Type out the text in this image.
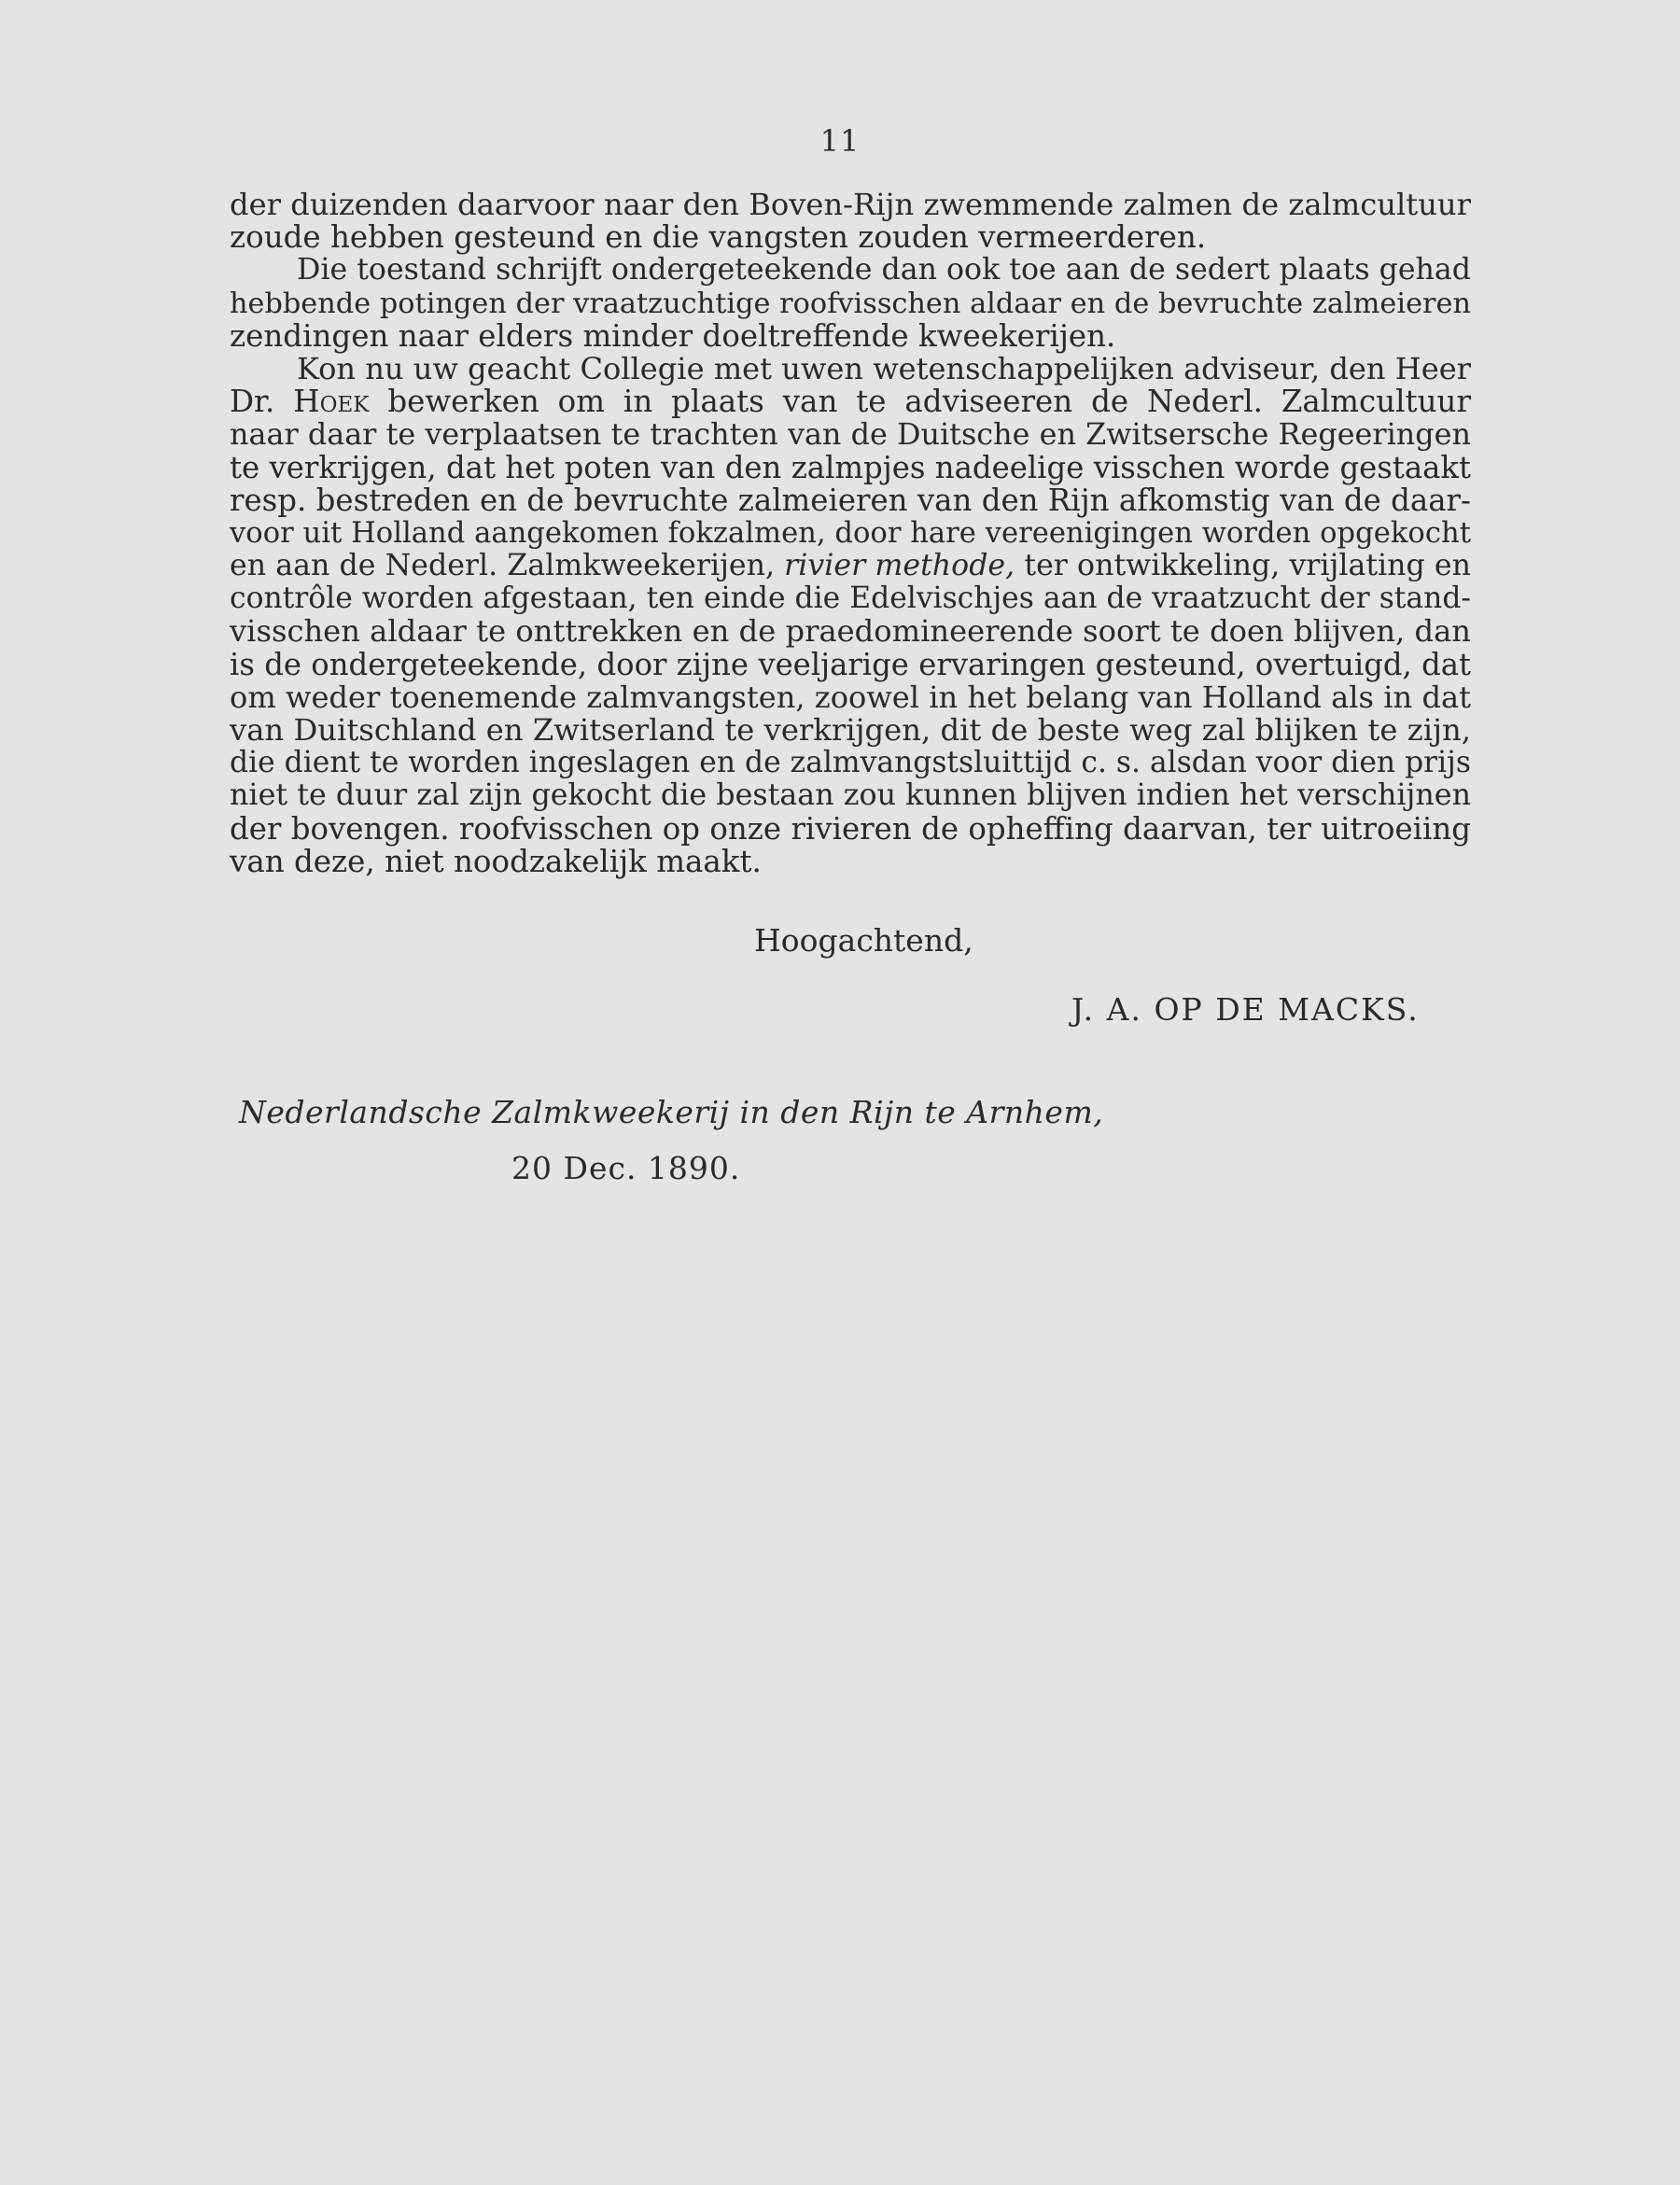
11
der duizenden daarvoor naar den Boven-Rijn zwemmende zalmen de zalmcultuur
zoude hebben gesteund en die vangsten zouden vermeerderen.
Die toestand schrijft ondergeteekende dan ook toe aan de sedert plaats gehad
hebbende potingen der vraatzuchtige roofvisschen aldaar en de bevruchte zalmeieren
zendingen naar elders minder doeltreffende kweekerijen.
Kon nu uw geacht Collegie met uwen wetenschappelijken adviseur, den Heer
Dr. Hoek bewerken om in plaats van te adviseeren de Nederl. Zalmcultuur
naar daar te verplaatsen te trachten van de Duitsche en Zwitsersche Regeeringen
te verkrijgen, dat het poten van den zalmpjes nadeelige visschen worde gestaakt
resp. bestreden en de bevruchte zalmeieren van den Rijn afkomstig van de daar-
voor uit Holland aangekomen fokzalmen, door hare vereenigingen worden opgekocht
en aan de Nederl. Zalmkweekerijen, rivier methode, ter ontwikkeling, vrijlating en
contrôle worden afgestaan, ten einde die Edelvischjes aan de vraatzucht der stand-
visschen aldaar te onttrekken en de praedomineerende soort te doen blijven, dan
is de ondergeteekende, door zijne veeljarige ervaringen gesteund, overtuigd, dat
om weder toenemende zalmvangsten, zoowel in het belang van Holland als in dat
van Duitschland en Zwitserland te verkrijgen, dit de beste weg zal blijken te zijn,
die dient te worden ingeslagen en de zalmvangstsluittijd c. s. alsdan voor dien prijs
niet te duur zal zijn gekocht die bestaan zou kunnen blijven indien het verschijnen
der bovengen. roofvisschen op onze rivieren de opheffing daarvan, ter uitroeiing
van deze, niet noodzakelijk maakt.
Hoogachtend,
J. A. OP DE MACKS.
Nederlandsche Zalmkweekerij in den Rijn te Arnhem,
20 Dec. 1890.
